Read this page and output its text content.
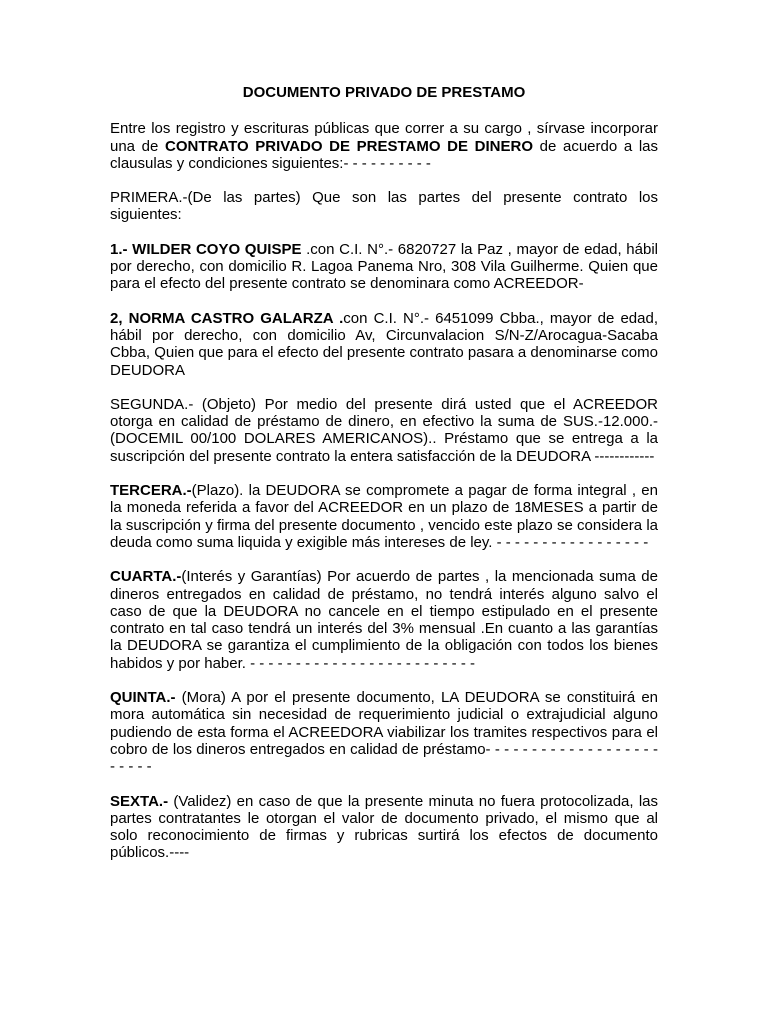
DOCUMENTO PRIVADO DE PRESTAMO

Entre los registro y escrituras públicas que correr a su cargo , sírvase incorporar una de CONTRATO PRIVADO DE PRESTAMO DE DINERO de acuerdo a las clausulas y condiciones siguientes:- - - - - - - - - -

PRIMERA.-(De las partes) Que son las partes del presente contrato los siguientes:

1.- WILDER COYO QUISPE .con C.I. N°.- 6820727 la Paz , mayor de edad, hábil por derecho, con domicilio R. Lagoa Panema Nro, 308 Vila Guilherme. Quien que para el efecto del presente contrato se denominara como ACREEDOR-

2, NORMA CASTRO GALARZA .con C.I. N°.- 6451099 Cbba., mayor de edad, hábil por derecho, con domicilio Av, Circunvalacion S/N-Z/Arocagua-Sacaba Cbba, Quien que para el efecto del presente contrato pasara a denominarse como DEUDORA

SEGUNDA.- (Objeto) Por medio del presente dirá usted que el ACREEDOR otorga en calidad de préstamo de dinero, en efectivo la suma de SUS.-12.000.- (DOCEMIL 00/100 DOLARES AMERICANOS).. Préstamo que se entrega a la suscripción del presente contrato la entera satisfacción de la DEUDORA ------------

TERCERA.-(Plazo). la DEUDORA se compromete a pagar de forma integral , en la moneda referida a favor del ACREEDOR en un plazo de 18MESES a partir de la suscripción y firma del presente documento , vencido este plazo se considera la deuda como suma liquida y exigible más intereses de ley. - - - - - - - - - - - - - - - - -

CUARTA.-(Interés y Garantías) Por acuerdo de partes , la mencionada suma de dineros entregados en calidad de préstamo, no tendrá interés alguno salvo el caso de que la DEUDORA no cancele en el tiempo estipulado en el presente contrato en tal caso tendrá un interés del 3% mensual .En cuanto a las garantías la DEUDORA se garantiza el cumplimiento de la obligación con todos los bienes habidos y por haber. - - - - - - - - - - - - - - - - - - - - - - - - -

QUINTA.- (Mora) A por el presente documento, LA DEUDORA se constituirá en mora automática sin necesidad de requerimiento judicial o extrajudicial alguno pudiendo de esta forma el ACREEDORA viabilizar los tramites respectivos para el cobro de los dineros entregados en calidad de préstamo- - - - - - - - - - - - - - - - - - - - - - - -

SEXTA.- (Validez) en caso de que la presente minuta no fuera protocolizada, las partes contratantes le otorgan el valor de documento privado, el mismo que al solo reconocimiento de firmas y rubricas surtirá los efectos de documento públicos.----
